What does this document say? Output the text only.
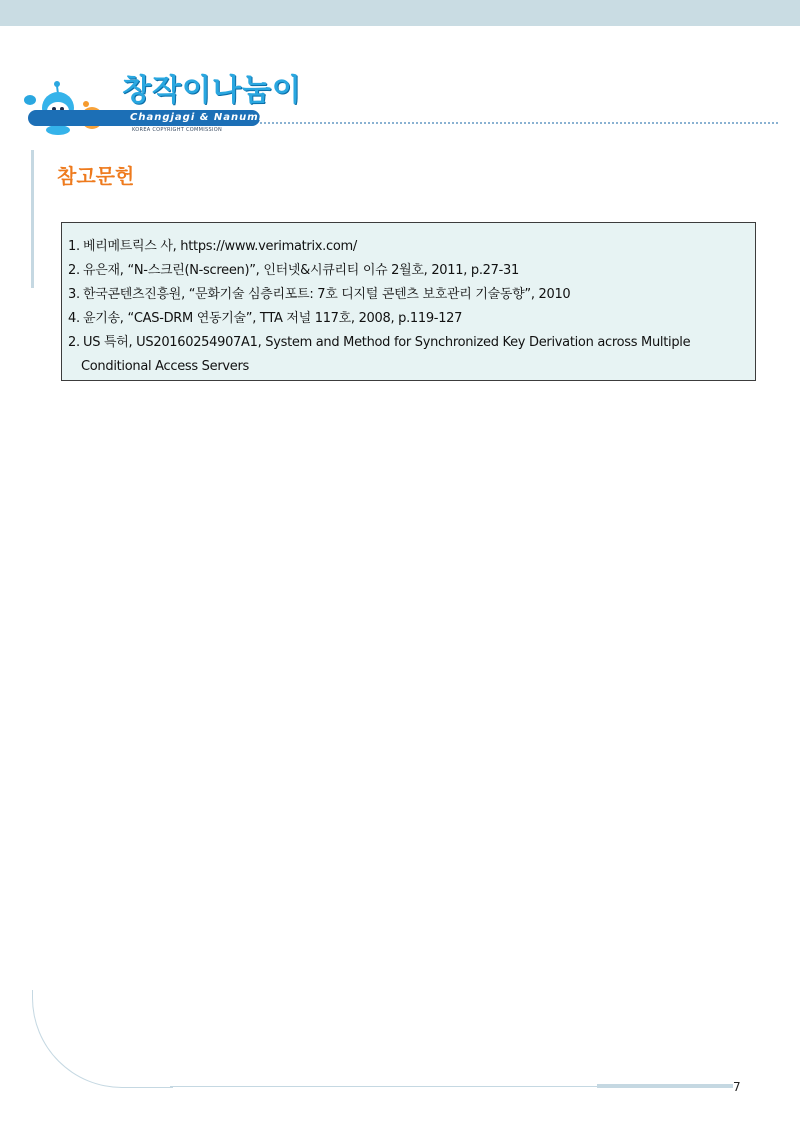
창작이나눔이
Changjagi & Nanumi
KOREA COPYRIGHT COMMISSION
참고문헌
1. 베리메트릭스 사, https://www.verimatrix.com/
2. 유은재, “N-스크린(N-screen)”, 인터넷&시큐리티 이슈 2월호, 2011, p.27-31
3. 한국콘텐츠진흥원, “문화기술 심층리포트: 7호 디지털 콘텐츠 보호관리 기술동향”, 2010
4. 윤기송, “CAS-DRM 연동기술”, TTA 저널 117호, 2008, p.119-127
2. US 특허, US20160254907A1, System and Method for Synchronized Key Derivation across Multiple
Conditional Access Servers
7
